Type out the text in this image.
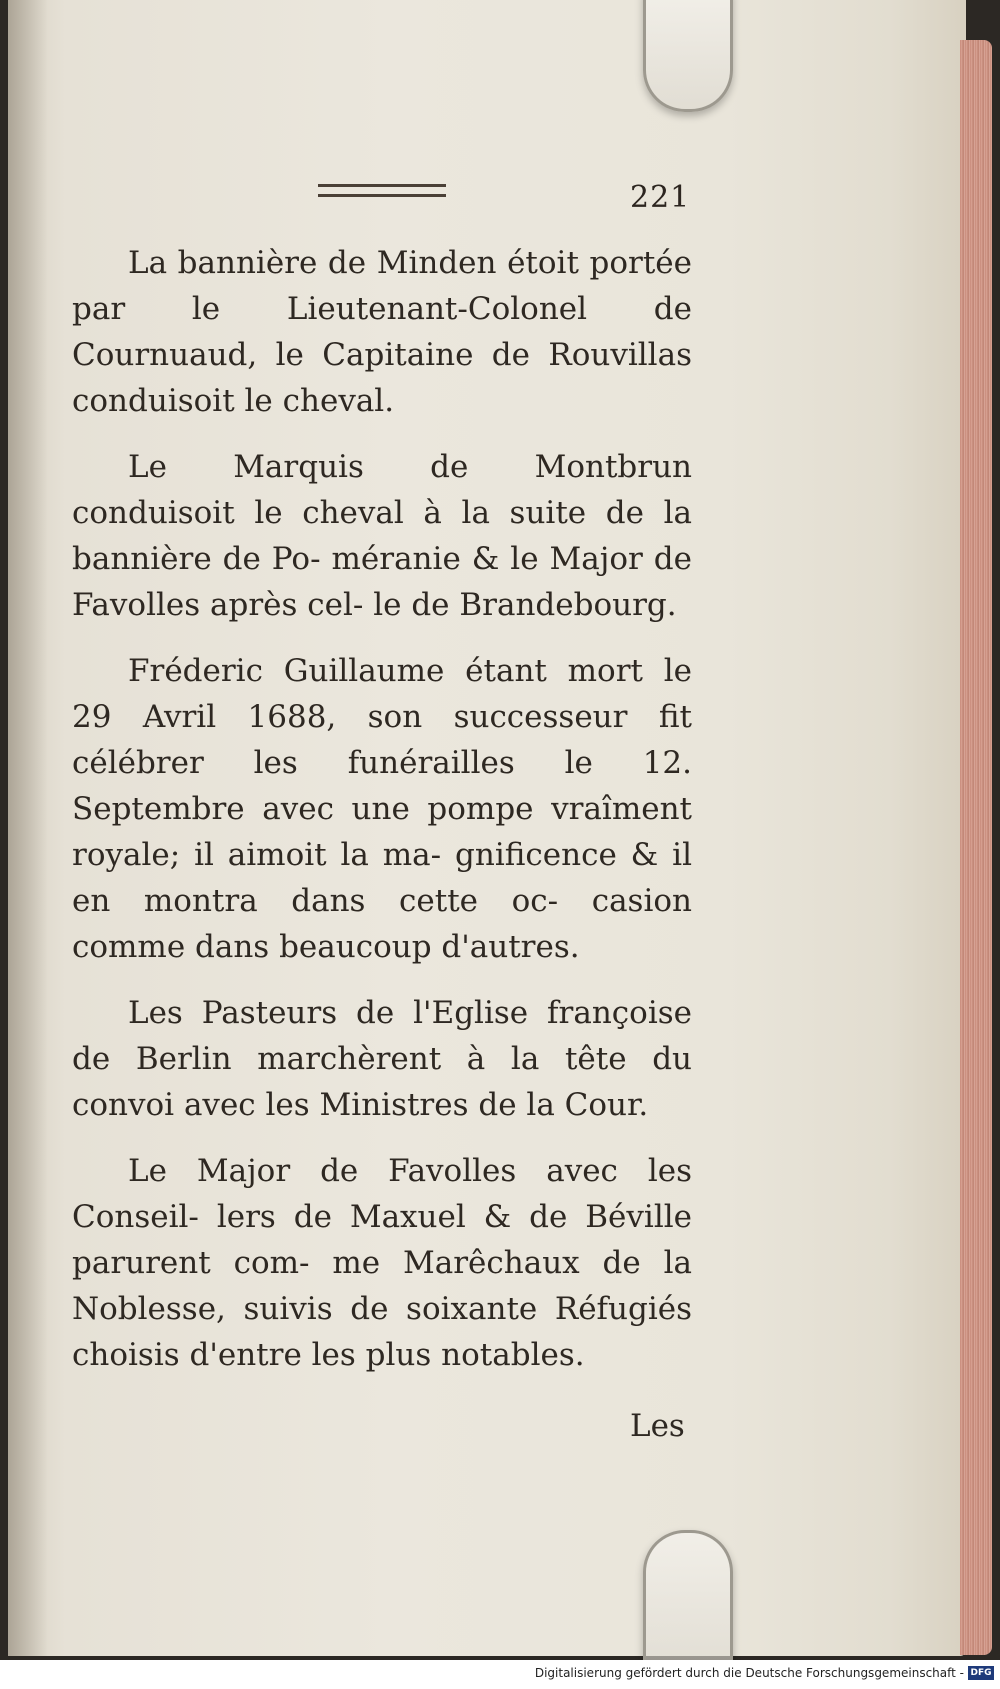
221

La bannière de Minden étoit portée par le Lieutenant-Colonel de Cournuaud, le Capitaine de Rouvillas conduisoit le cheval.

Le Marquis de Montbrun conduisoit le cheval à la suite de la bannière de Po- méranie & le Major de Favolles après cel- le de Brandebourg.

Fréderic Guillaume étant mort le 29 Avril 1688, son successeur fit célébrer les funérailles le 12. Septembre avec une pompe vraîment royale; il aimoit la ma- gnificence & il en montra dans cette oc- casion comme dans beaucoup d'autres.

Les Pasteurs de l'Eglise françoise de Berlin marchèrent à la tête du convoi avec les Ministres de la Cour.

Le Major de Favolles avec les Conseil- lers de Maxuel & de Béville parurent com- me Marêchaux de la Noblesse, suivis de soixante Réfugiés choisis d'entre les plus notables.

Les
Digitalisierung gefördert durch die Deutsche Forschungsgemeinschaft - DFG
